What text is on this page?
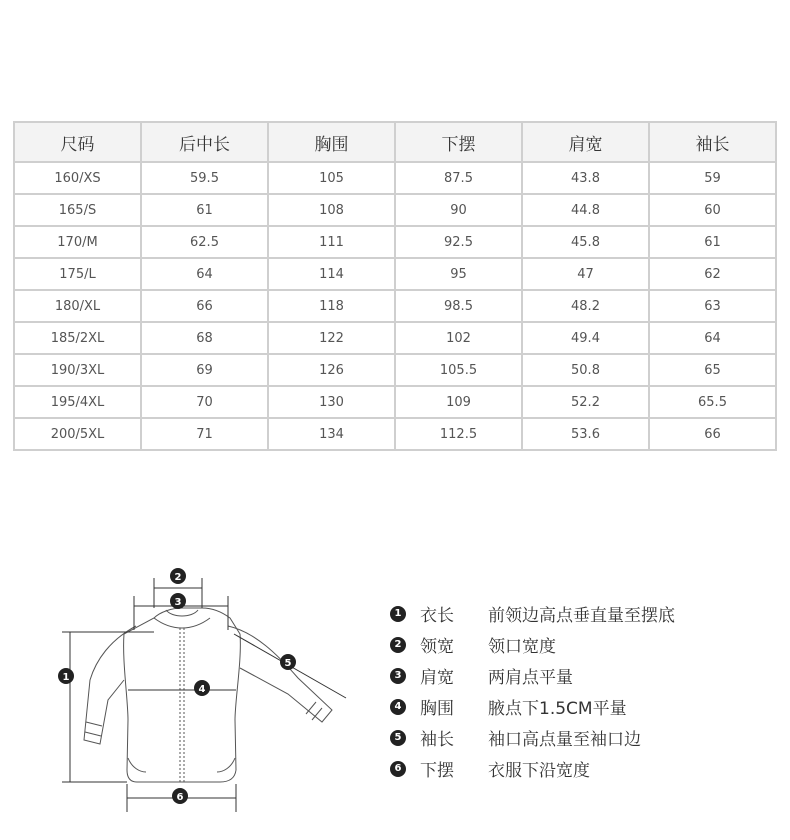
尺码	后中长	胸围	下摆	肩宽	袖长
160/XS	59.5	105	87.5	43.8	59
165/S	61	108	90	44.8	60
170/M	62.5	111	92.5	45.8	61
175/L	64	114	95	47	62
180/XL	66	118	98.5	48.2	63
185/2XL	68	122	102	49.4	64
190/3XL	69	126	105.5	50.8	65
195/4XL	70	130	109	52.2	65.5
200/5XL	71	134	112.5	53.6	66
2
3
1
4
5
6
1 衣长	前领边高点垂直量至摆底
2 领宽	领口宽度
3 肩宽	两肩点平量
4 胸围	腋点下1.5CM平量
5 袖长	袖口高点量至袖口边
6 下摆	衣服下沿宽度
